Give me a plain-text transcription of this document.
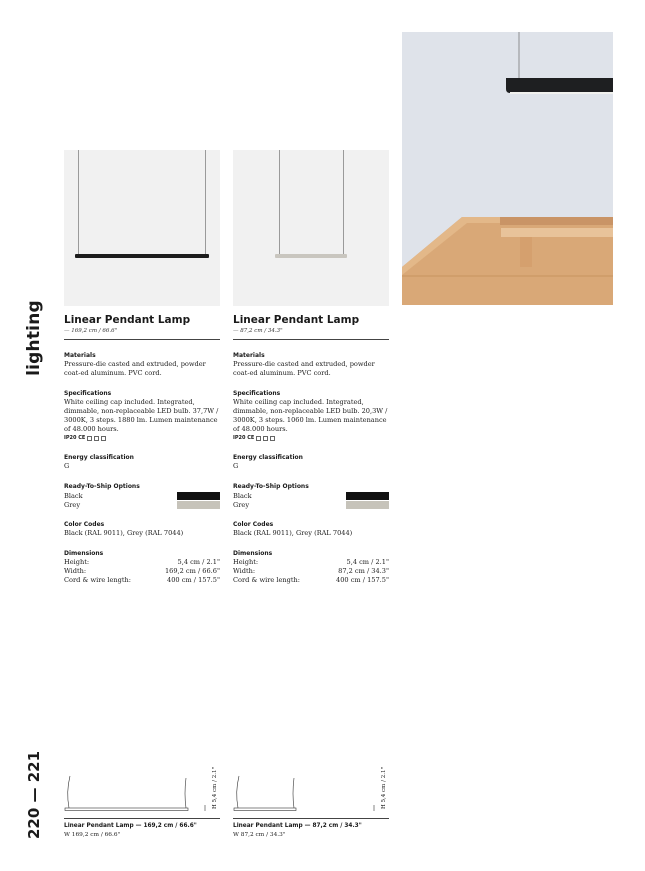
lighting
220 — 221
Linear Pendant Lamp
— 169,2 cm / 66.6"
Materials
Pressure-die casted and extruded, powder coat-ed aluminum. PVC cord.
Specifications
White ceiling cap included. Integrated, dimmable, non-replaceable LED bulb. 37,7W / 3000K, 3 steps. 1880 lm. Lumen maintenance of 48.000 hours.
IP20 CE
Energy classification
G
Ready-To-Ship Options
Black
Grey
Color Codes
Black (RAL 9011), Grey (RAL 7044)
Dimensions
Height:	5,4 cm / 2.1"
Width:	169,2 cm / 66.6"
Cord & wire length:	400 cm / 157.5"
Linear Pendant Lamp
— 87,2 cm / 34.3"
Materials
Pressure-die casted and extruded, powder coat-ed aluminum. PVC cord.
Specifications
White ceiling cap included. Integrated, dimmable, non-replaceable LED bulb. 20,3W / 3000K, 3 steps. 1060 lm. Lumen maintenance of 48.000 hours.
IP20 CE
Energy classification
G
Ready-To-Ship Options
Black
Grey
Color Codes
Black (RAL 9011), Grey (RAL 7044)
Dimensions
Height:	5,4 cm / 2.1"
Width:	87,2 cm / 34.3"
Cord & wire length:	400 cm / 157.5"
H 5,4 cm / 2.1"
Linear Pendant Lamp — 169,2 cm / 66.6"
W 169,2 cm / 66.6"
H 5,4 cm / 2.1"
Linear Pendant Lamp — 87,2 cm / 34.3"
W 87,2 cm / 34.3"
